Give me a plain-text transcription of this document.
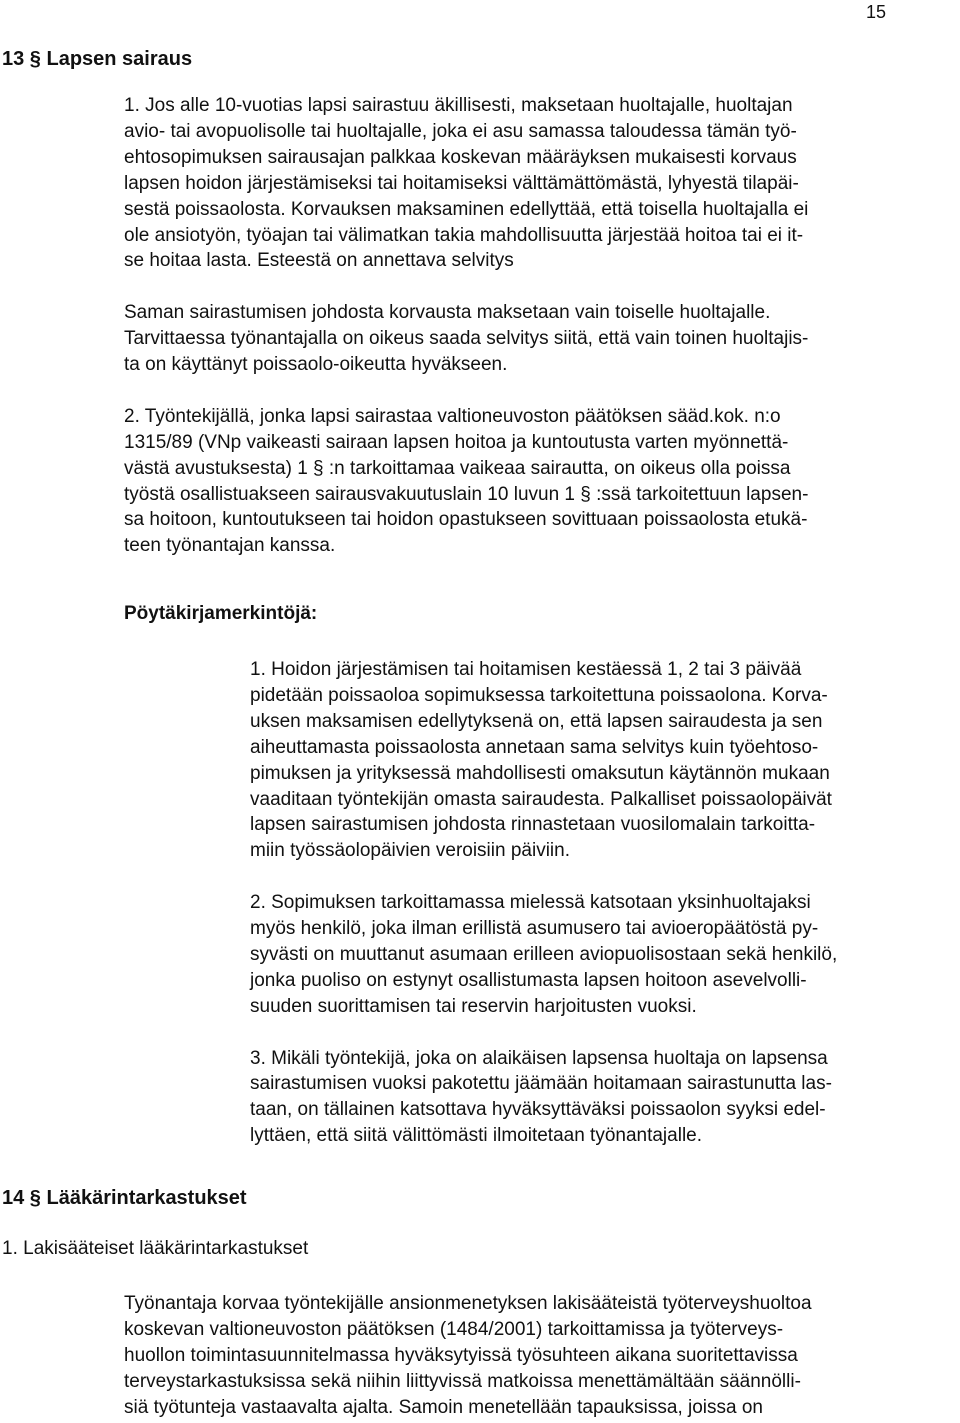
15
13 § Lapsen sairaus
1. Jos alle 10-vuotias lapsi sairastuu äkillisesti, maksetaan huoltajalle, huoltajan
avio- tai avopuolisolle tai huoltajalle, joka ei asu samassa taloudessa tämän työ-
ehtosopimuksen sairausajan palkkaa koskevan määräyksen mukaisesti korvaus
lapsen hoidon järjestämiseksi tai hoitamiseksi välttämättömästä, lyhyestä tilapäi-
sestä poissaolosta. Korvauksen maksaminen edellyttää, että toisella huoltajalla ei
ole ansiotyön, työajan tai välimatkan takia mahdollisuutta järjestää hoitoa tai ei it-
se hoitaa lasta. Esteestä on annettava selvitys
Saman sairastumisen johdosta korvausta maksetaan vain toiselle huoltajalle.
Tarvittaessa työnantajalla on oikeus saada selvitys siitä, että vain toinen huoltajis-
ta on käyttänyt poissaolo-oikeutta hyväkseen.
2. Työntekijällä, jonka lapsi sairastaa valtioneuvoston päätöksen sääd.kok. n:o
1315/89 (VNp vaikeasti sairaan lapsen hoitoa ja kuntoutusta varten myönnettä-
västä avustuksesta) 1 § :n tarkoittamaa vaikeaa sairautta, on oikeus olla poissa
työstä osallistuakseen sairausvakuutuslain 10 luvun 1 § :ssä tarkoitettuun lapsen-
sa hoitoon, kuntoutukseen tai hoidon opastukseen sovittuaan poissaolosta etukä-
teen työnantajan kanssa.
Pöytäkirjamerkintöjä:
1. Hoidon järjestämisen tai hoitamisen kestäessä 1, 2 tai 3 päivää
pidetään poissaoloa sopimuksessa tarkoitettuna poissaolona. Korva-
uksen maksamisen edellytyksenä on, että lapsen sairaudesta ja sen
aiheuttamasta poissaolosta annetaan sama selvitys kuin työehtoso-
pimuksen ja yrityksessä mahdollisesti omaksutun käytännön mukaan
vaaditaan työntekijän omasta sairaudesta. Palkalliset poissaolopäivät
lapsen sairastumisen johdosta rinnastetaan vuosilomalain tarkoitta-
miin työssäolopäivien veroisiin päiviin.
2. Sopimuksen tarkoittamassa mielessä katsotaan yksinhuoltajaksi
myös henkilö, joka ilman erillistä asumusero tai avioeropäätöstä py-
syvästi on muuttanut asumaan erilleen aviopuolisostaan sekä henkilö,
jonka puoliso on estynyt osallistumasta lapsen hoitoon asevelvolli-
suuden suorittamisen tai reservin harjoitusten vuoksi.
3. Mikäli työntekijä, joka on alaikäisen lapsensa huoltaja on lapsensa
sairastumisen vuoksi pakotettu jäämään hoitamaan sairastunutta las-
taan, on tällainen katsottava hyväksyttäväksi poissaolon syyksi edel-
lyttäen, että siitä välittömästi ilmoitetaan työnantajalle.
14 § Lääkärintarkastukset
1. Lakisääteiset lääkärintarkastukset
Työnantaja korvaa työntekijälle ansionmenetyksen lakisääteistä työterveyshuoltoa
koskevan valtioneuvoston päätöksen (1484/2001) tarkoittamissa ja työterveys-
huollon toimintasuunnitelmassa hyväksytyissä työsuhteen aikana suoritettavissa
terveystarkastuksissa sekä niihin liittyvissä matkoissa menettämältään säännölli-
siä työtunteja vastaavalta ajalta. Samoin menetellään tapauksissa, joissa on
